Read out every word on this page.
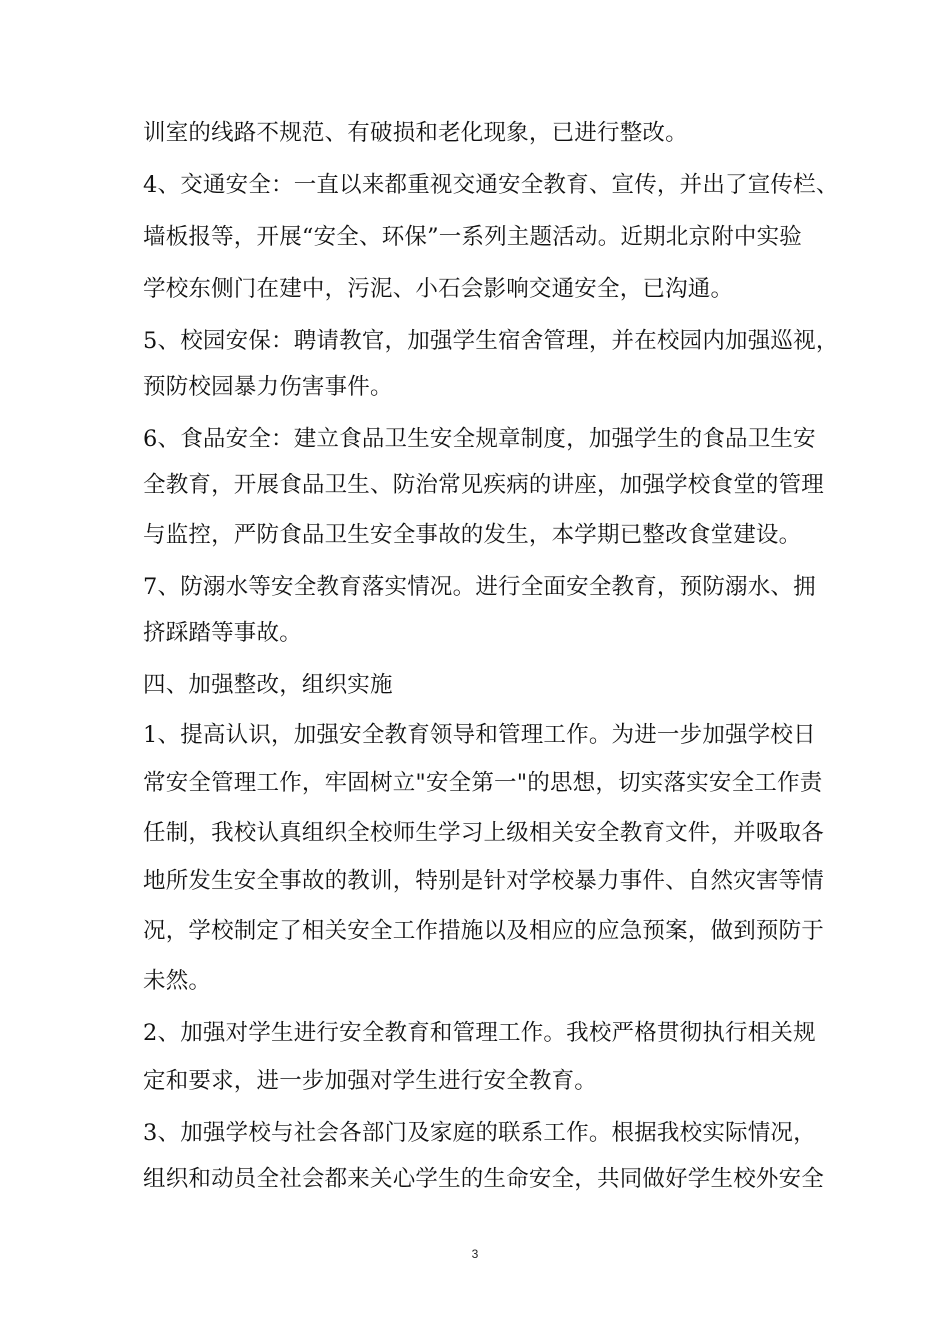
训室的线路不规范、有破损和老化现象，已进行整改。
4、交通安全：一直以来都重视交通安全教育、宣传，并出了宣传栏、
墙板报等，开展“安全、环保”一系列主题活动。近期北京附中实验
学校东侧门在建中，污泥、小石会影响交通安全，已沟通。
5、校园安保：聘请教官，加强学生宿舍管理，并在校园内加强巡视，
预防校园暴力伤害事件。
6、食品安全：建立食品卫生安全规章制度，加强学生的食品卫生安
全教育，开展食品卫生、防治常见疾病的讲座，加强学校食堂的管理
与监控，严防食品卫生安全事故的发生，本学期已整改食堂建设。
7、防溺水等安全教育落实情况。进行全面安全教育，预防溺水、拥
挤踩踏等事故。
四、加强整改，组织实施
1、提高认识，加强安全教育领导和管理工作。为进一步加强学校日
常安全管理工作，牢固树立"安全第一"的思想，切实落实安全工作责
任制，我校认真组织全校师生学习上级相关安全教育文件，并吸取各
地所发生安全事故的教训，特别是针对学校暴力事件、自然灾害等情
况，学校制定了相关安全工作措施以及相应的应急预案，做到预防于
未然。
2、加强对学生进行安全教育和管理工作。我校严格贯彻执行相关规
定和要求，进一步加强对学生进行安全教育。
3、加强学校与社会各部门及家庭的联系工作。根据我校实际情况，
组织和动员全社会都来关心学生的生命安全，共同做好学生校外安全
3
